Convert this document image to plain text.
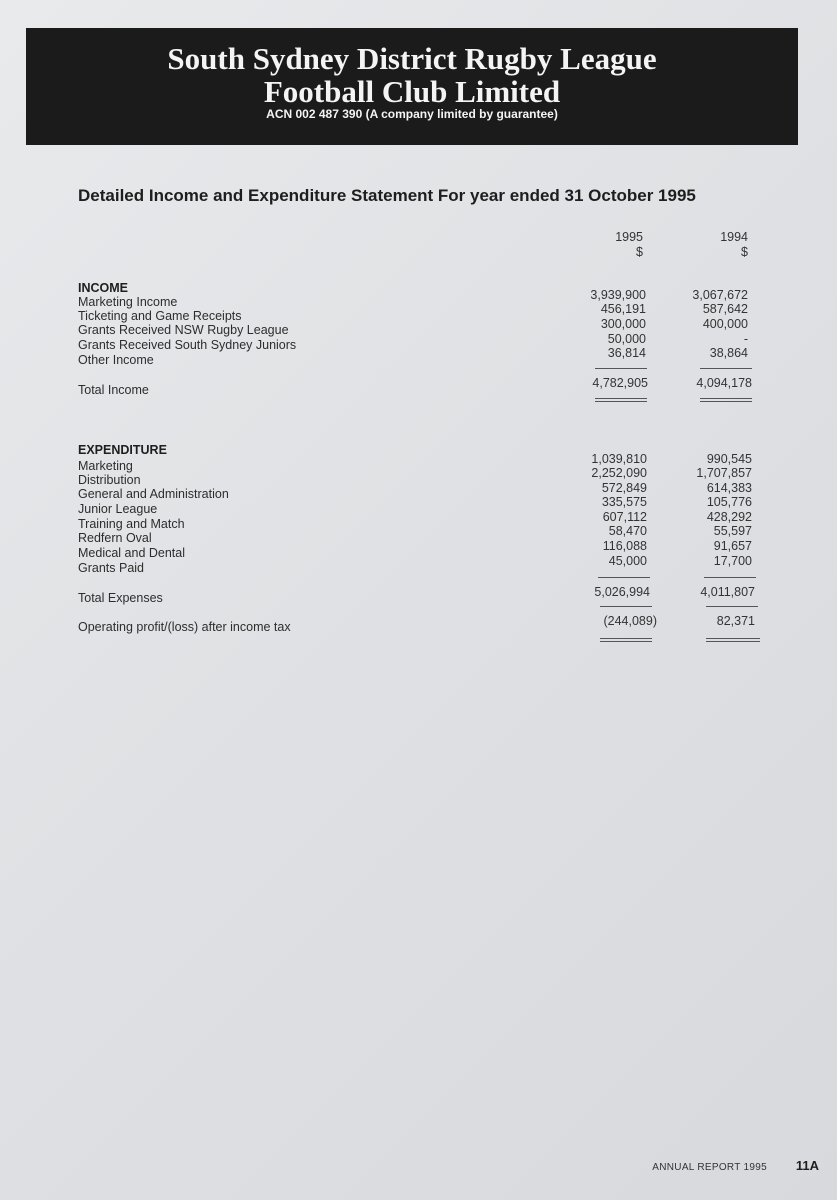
South Sydney District Rugby League
Football Club Limited
ACN 002 487 390 (A company limited by guarantee)
Detailed Income and Expenditure Statement For year ended 31 October 1995
1995
$
1994
$
INCOME
Marketing Income	3,939,900	3,067,672
Ticketing and Game Receipts	456,191	587,642
Grants Received NSW Rugby League	300,000	400,000
Grants Received South Sydney Juniors	50,000	-
Other Income	36,814	38,864
Total Income	4,782,905	4,094,178
EXPENDITURE
Marketing	1,039,810	990,545
Distribution	2,252,090	1,707,857
General and Administration	572,849	614,383
Junior League	335,575	105,776
Training and Match	607,112	428,292
Redfern Oval	58,470	55,597
Medical and Dental	116,088	91,657
Grants Paid	45,000	17,700
Total Expenses	5,026,994	4,011,807
Operating profit/(loss) after income tax	(244,089)	82,371
ANNUAL REPORT 1995 11A
